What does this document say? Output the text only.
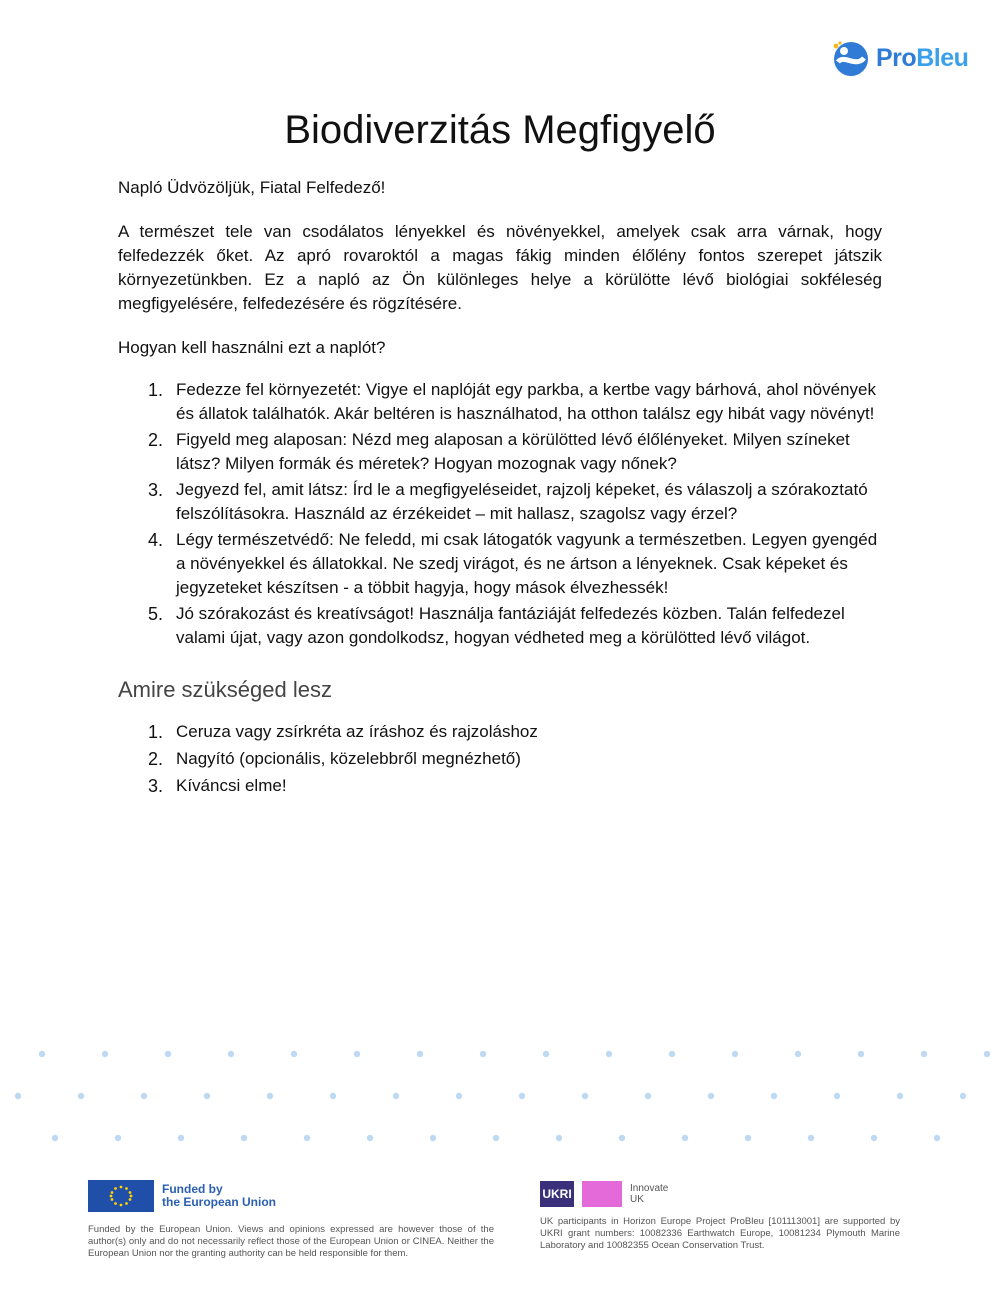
ProBleu
Biodiverzitás Megfigyelő

Napló Üdvözöljük, Fiatal Felfedező!

A természet tele van csodálatos lényekkel és növényekkel, amelyek csak arra várnak, hogy felfedezzék őket. Az apró rovaroktól a magas fákig minden élőlény fontos szerepet játszik környezetünkben. Ez a napló az Ön különleges helye a körülötte lévő biológiai sokféleség megfigyelésére, felfedezésére és rögzítésére.

Hogyan kell használni ezt a naplót?

1. Fedezze fel környezetét: Vigye el naplóját egy parkba, a kertbe vagy bárhová, ahol növények és állatok találhatók. Akár beltéren is használhatod, ha otthon találsz egy hibát vagy növényt!
2. Figyeld meg alaposan: Nézd meg alaposan a körülötted lévő élőlényeket. Milyen színeket látsz? Milyen formák és méretek? Hogyan mozognak vagy nőnek?
3. Jegyezd fel, amit látsz: Írd le a megfigyeléseidet, rajzolj képeket, és válaszolj a szórakoztató felszólításokra. Használd az érzékeidet – mit hallasz, szagolsz vagy érzel?
4. Légy természetvédő: Ne feledd, mi csak látogatók vagyunk a természetben. Legyen gyengéd a növényekkel és állatokkal. Ne szedj virágot, és ne ártson a lényeknek. Csak képeket és jegyzeteket készítsen - a többit hagyja, hogy mások élvezhessék!
5. Jó szórakozást és kreatívságot! Használja fantáziáját felfedezés közben. Talán felfedezel valami újat, vagy azon gondolkodsz, hogyan védheted meg a körülötted lévő világot.
Amire szükséged lesz
1. Ceruza vagy zsírkréta az íráshoz és rajzoláshoz
2. Nagyító (opcionális, közelebbről megnézhető)
3. Kíváncsi elme!
Funded by
the European Union
Funded by the European Union. Views and opinions expressed are however those of the author(s) only and do not necessarily reflect those of the European Union or CINEA. Neither the European Union nor the granting authority can be held responsible for them.
UKRI	Innovate
UK
UK participants in Horizon Europe Project ProBleu [101113001] are supported by UKRI grant numbers: 10082336 Earthwatch Europe, 10081234 Plymouth Marine Laboratory and 10082355 Ocean Conservation Trust.
